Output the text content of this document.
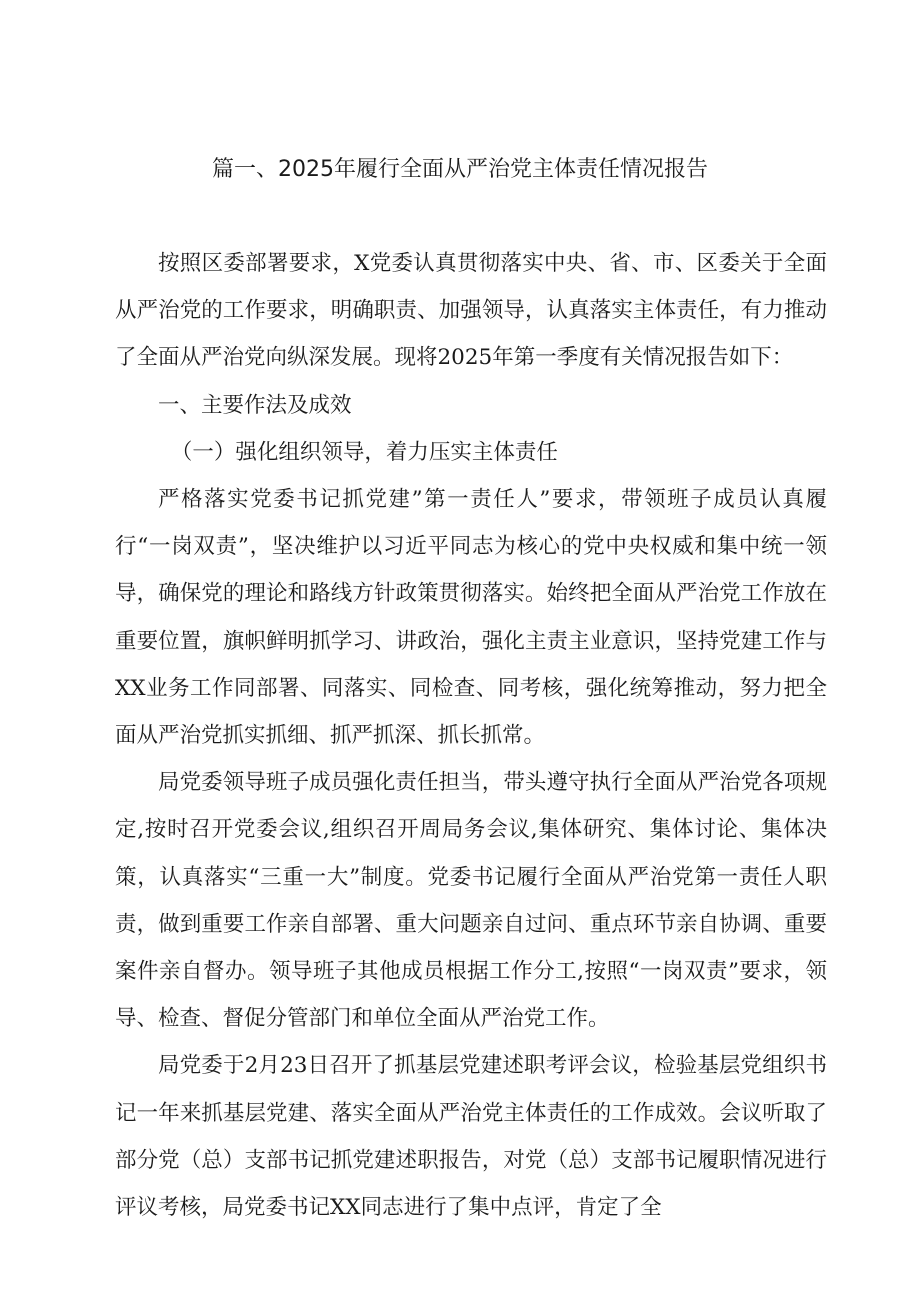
篇一、2025年履行全面从严治党主体责任情况报告

按照区委部署要求，X党委认真贯彻落实中央、省、市、区委关于全面从严治党的工作要求，明确职责、加强领导，认真落实主体责任，有力推动了全面从严治党向纵深发展。现将2025年第一季度有关情况报告如下：

一、主要作法及成效
（一）强化组织领导，着力压实主体责任

严格落实党委书记抓党建”第一责任人”要求，带领班子成员认真履行“一岗双责”，坚决维护以习近平同志为核心的党中央权威和集中统一领导，确保党的理论和路线方针政策贯彻落实。始终把全面从严治党工作放在重要位置，旗帜鲜明抓学习、讲政治，强化主责主业意识，坚持党建工作与XX业务工作同部署、同落实、同检查、同考核，强化统筹推动，努力把全面从严治党抓实抓细、抓严抓深、抓长抓常。

局党委领导班子成员强化责任担当，带头遵守执行全面从严治党各项规定,按时召开党委会议,组织召开周局务会议,集体研究、集体讨论、集体决策，认真落实“三重一大”制度。党委书记履行全面从严治党第一责任人职责，做到重要工作亲自部署、重大问题亲自过问、重点环节亲自协调、重要案件亲自督办。领导班子其他成员根据工作分工,按照“一岗双责”要求，领导、检查、督促分管部门和单位全面从严治党工作。

局党委于2月23日召开了抓基层党建述职考评会议，检验基层党组织书记一年来抓基层党建、落实全面从严治党主体责任的工作成效。会议听取了部分党（总）支部书记抓党建述职报告，对党（总）支部书记履职情况进行评议考核，局党委书记XX同志进行了集中点评，肯定了全
